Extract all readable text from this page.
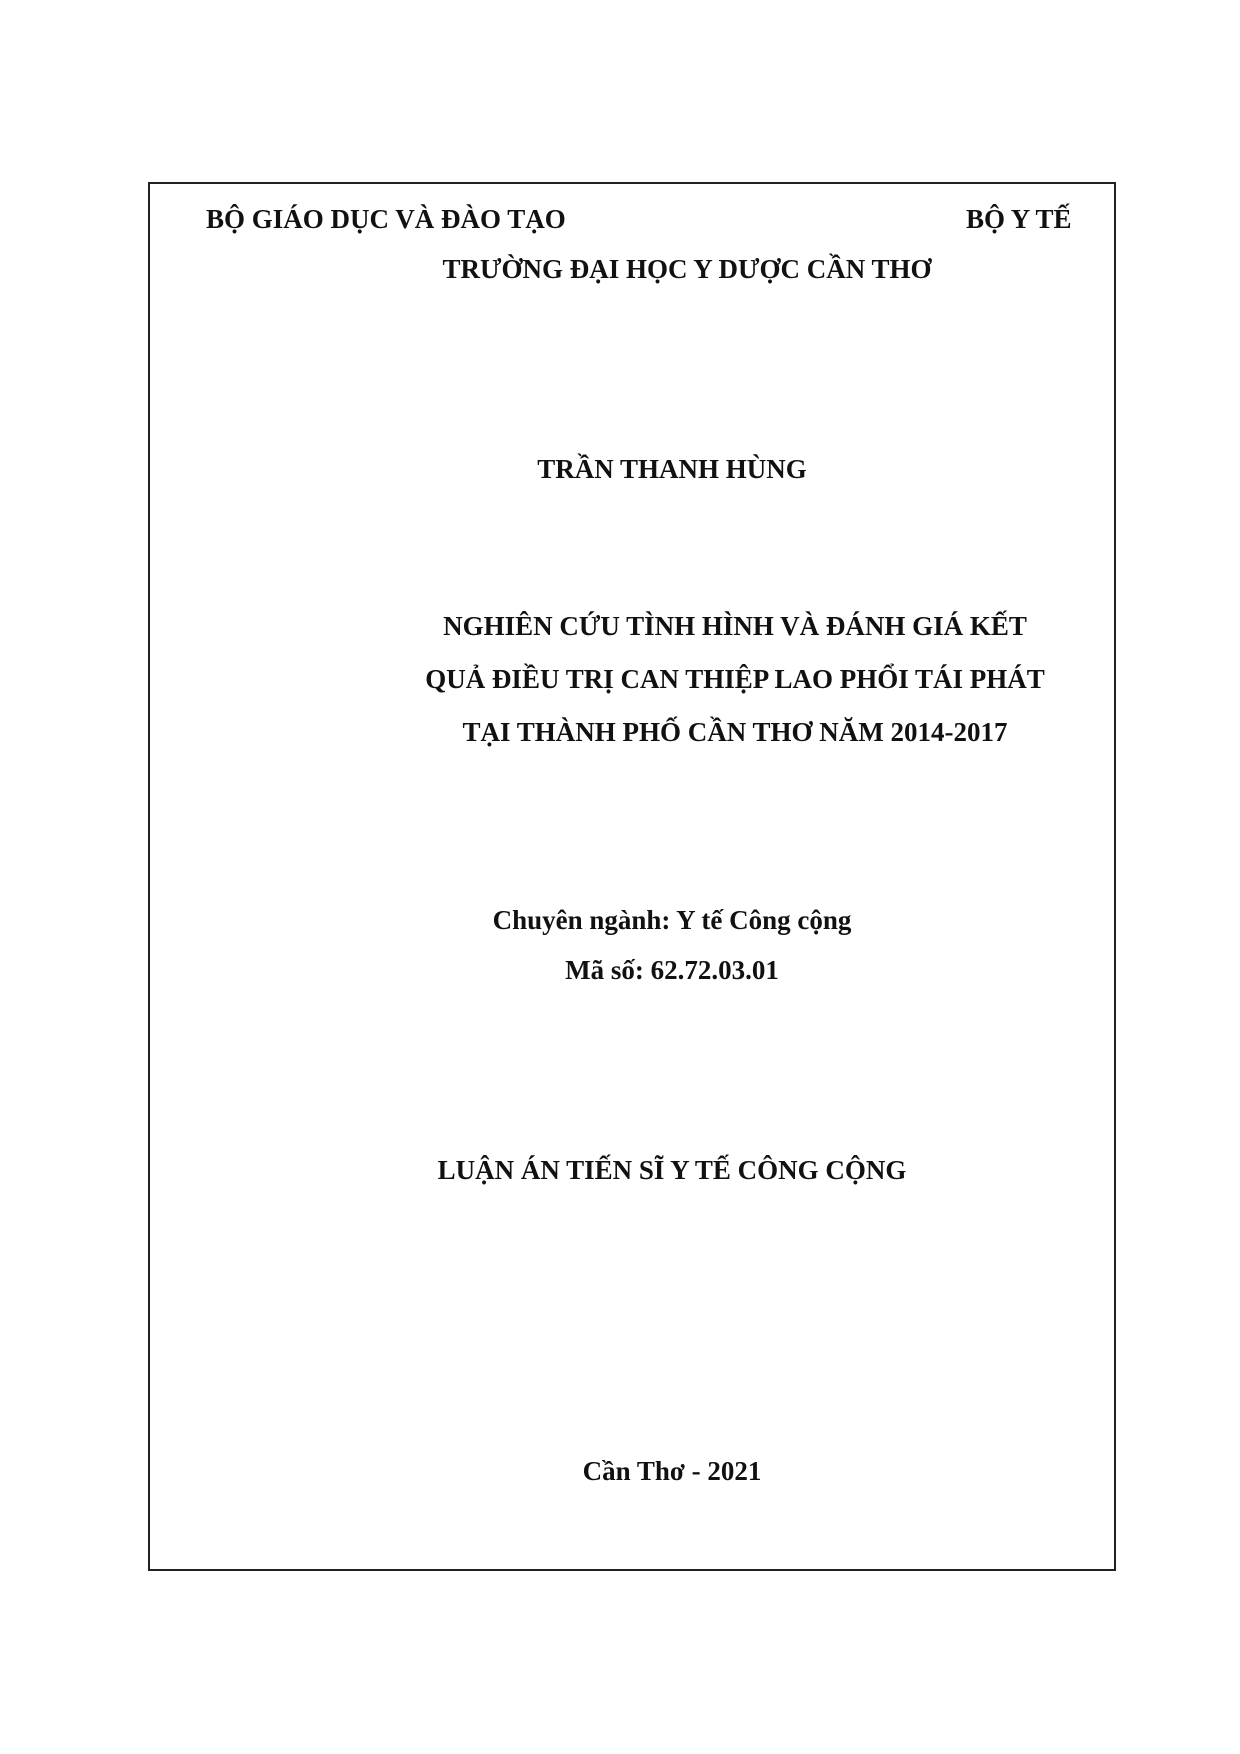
BỘ GIÁO DỤC VÀ ĐÀO TẠO	BỘ Y TẾ
TRƯỜNG ĐẠI HỌC Y DƯỢC CẦN THƠ
TRẦN THANH HÙNG
NGHIÊN CỨU TÌNH HÌNH VÀ ĐÁNH GIÁ KẾT
QUẢ ĐIỀU TRỊ CAN THIỆP LAO PHỔI TÁI PHÁT
TẠI THÀNH PHỐ CẦN THƠ NĂM 2014-2017
Chuyên ngành: Y tế Công cộng
Mã số: 62.72.03.01
LUẬN ÁN TIẾN SĨ Y TẾ CÔNG CỘNG
Cần Thơ - 2021
